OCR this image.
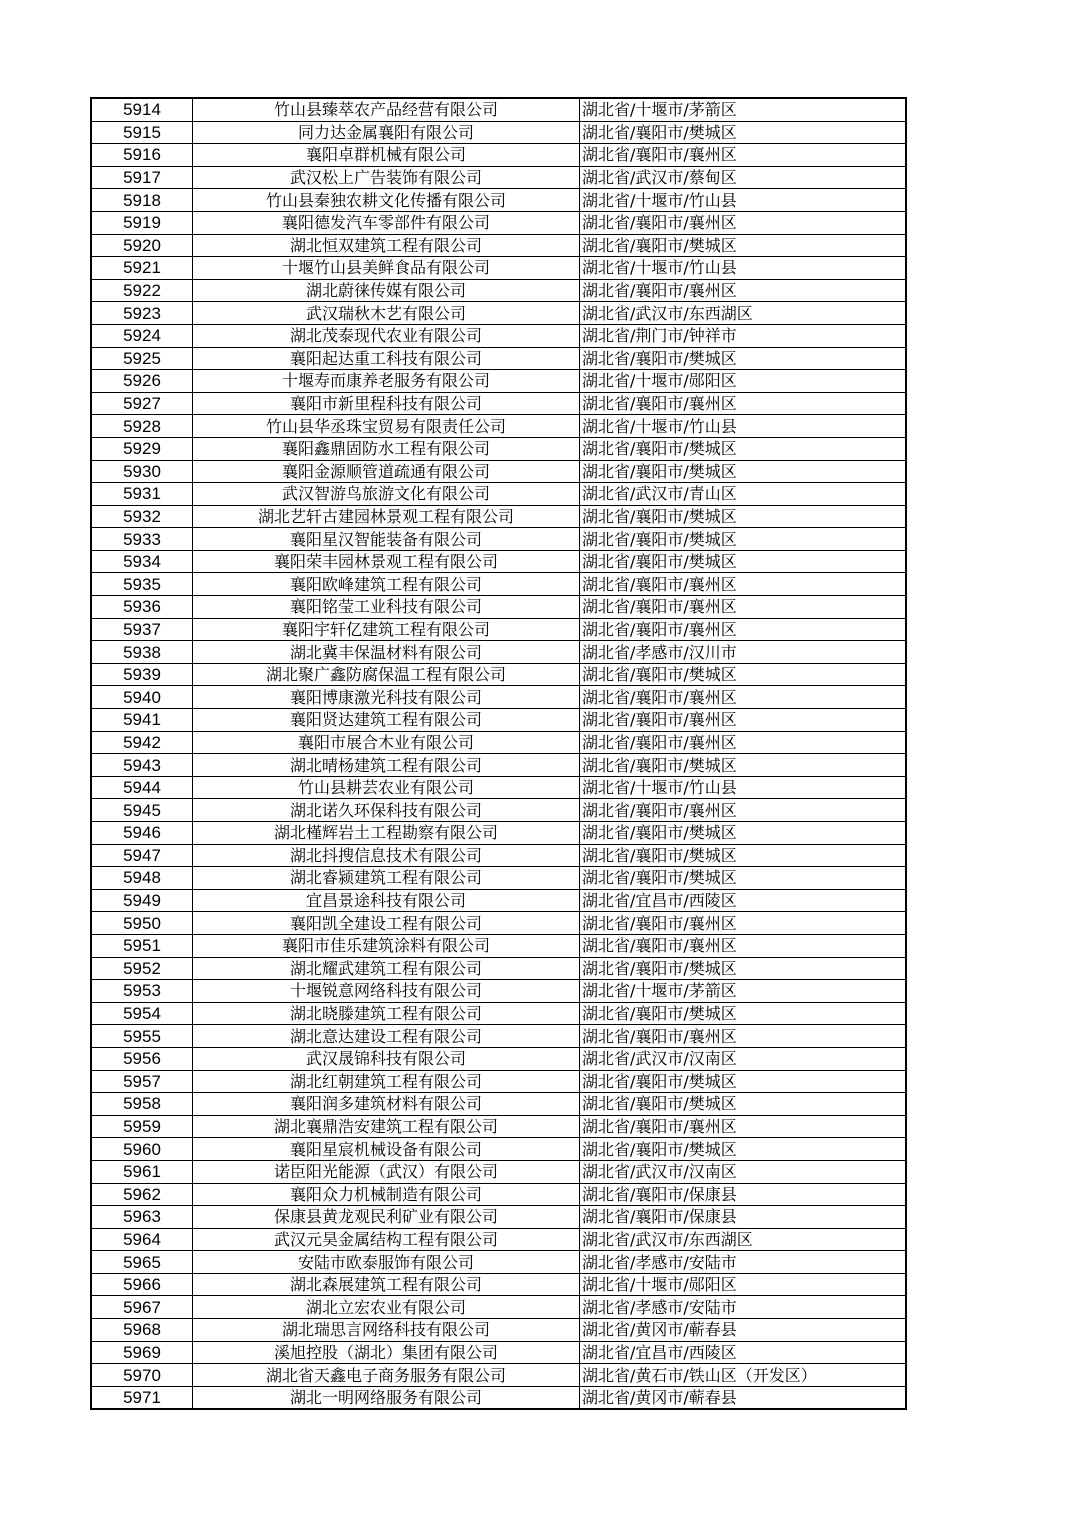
5914	竹山县臻萃农产品经营有限公司	湖北省/十堰市/茅箭区
5915	同力达金属襄阳有限公司	湖北省/襄阳市/樊城区
5916	襄阳卓群机械有限公司	湖北省/襄阳市/襄州区
5917	武汉松上广告装饰有限公司	湖北省/武汉市/蔡甸区
5918	竹山县秦独农耕文化传播有限公司	湖北省/十堰市/竹山县
5919	襄阳德发汽车零部件有限公司	湖北省/襄阳市/襄州区
5920	湖北恒双建筑工程有限公司	湖北省/襄阳市/樊城区
5921	十堰竹山县美鲜食品有限公司	湖北省/十堰市/竹山县
5922	湖北蔚徕传媒有限公司	湖北省/襄阳市/襄州区
5923	武汉瑞秋木艺有限公司	湖北省/武汉市/东西湖区
5924	湖北茂泰现代农业有限公司	湖北省/荆门市/钟祥市
5925	襄阳起达重工科技有限公司	湖北省/襄阳市/樊城区
5926	十堰寿而康养老服务有限公司	湖北省/十堰市/郧阳区
5927	襄阳市新里程科技有限公司	湖北省/襄阳市/襄州区
5928	竹山县华丞珠宝贸易有限责任公司	湖北省/十堰市/竹山县
5929	襄阳鑫鼎固防水工程有限公司	湖北省/襄阳市/樊城区
5930	襄阳金源顺管道疏通有限公司	湖北省/襄阳市/樊城区
5931	武汉智游鸟旅游文化有限公司	湖北省/武汉市/青山区
5932	湖北艺轩古建园林景观工程有限公司	湖北省/襄阳市/樊城区
5933	襄阳星汉智能装备有限公司	湖北省/襄阳市/樊城区
5934	襄阳荣丰园林景观工程有限公司	湖北省/襄阳市/樊城区
5935	襄阳欧峰建筑工程有限公司	湖北省/襄阳市/襄州区
5936	襄阳铭莹工业科技有限公司	湖北省/襄阳市/襄州区
5937	襄阳宇轩亿建筑工程有限公司	湖北省/襄阳市/襄州区
5938	湖北冀丰保温材料有限公司	湖北省/孝感市/汉川市
5939	湖北聚广鑫防腐保温工程有限公司	湖北省/襄阳市/樊城区
5940	襄阳博康激光科技有限公司	湖北省/襄阳市/襄州区
5941	襄阳贤达建筑工程有限公司	湖北省/襄阳市/襄州区
5942	襄阳市展合木业有限公司	湖北省/襄阳市/襄州区
5943	湖北晴杨建筑工程有限公司	湖北省/襄阳市/樊城区
5944	竹山县耕芸农业有限公司	湖北省/十堰市/竹山县
5945	湖北诺久环保科技有限公司	湖北省/襄阳市/襄州区
5946	湖北槿辉岩土工程勘察有限公司	湖北省/襄阳市/樊城区
5947	湖北抖搜信息技术有限公司	湖北省/襄阳市/樊城区
5948	湖北睿颍建筑工程有限公司	湖北省/襄阳市/樊城区
5949	宜昌景途科技有限公司	湖北省/宜昌市/西陵区
5950	襄阳凯全建设工程有限公司	湖北省/襄阳市/襄州区
5951	襄阳市佳乐建筑涂料有限公司	湖北省/襄阳市/襄州区
5952	湖北耀武建筑工程有限公司	湖北省/襄阳市/樊城区
5953	十堰锐意网络科技有限公司	湖北省/十堰市/茅箭区
5954	湖北晓滕建筑工程有限公司	湖北省/襄阳市/樊城区
5955	湖北意达建设工程有限公司	湖北省/襄阳市/襄州区
5956	武汉晟锦科技有限公司	湖北省/武汉市/汉南区
5957	湖北红朝建筑工程有限公司	湖北省/襄阳市/樊城区
5958	襄阳润多建筑材料有限公司	湖北省/襄阳市/樊城区
5959	湖北襄鼎浩安建筑工程有限公司	湖北省/襄阳市/襄州区
5960	襄阳星宸机械设备有限公司	湖北省/襄阳市/樊城区
5961	诺臣阳光能源（武汉）有限公司	湖北省/武汉市/汉南区
5962	襄阳众力机械制造有限公司	湖北省/襄阳市/保康县
5963	保康县黄龙观民利矿业有限公司	湖北省/襄阳市/保康县
5964	武汉元昊金属结构工程有限公司	湖北省/武汉市/东西湖区
5965	安陆市欧泰服饰有限公司	湖北省/孝感市/安陆市
5966	湖北森展建筑工程有限公司	湖北省/十堰市/郧阳区
5967	湖北立宏农业有限公司	湖北省/孝感市/安陆市
5968	湖北瑞思言网络科技有限公司	湖北省/黄冈市/蕲春县
5969	溪旭控股（湖北）集团有限公司	湖北省/宜昌市/西陵区
5970	湖北省天鑫电子商务服务有限公司	湖北省/黄石市/铁山区（开发区）
5971	湖北一明网络服务有限公司	湖北省/黄冈市/蕲春县
